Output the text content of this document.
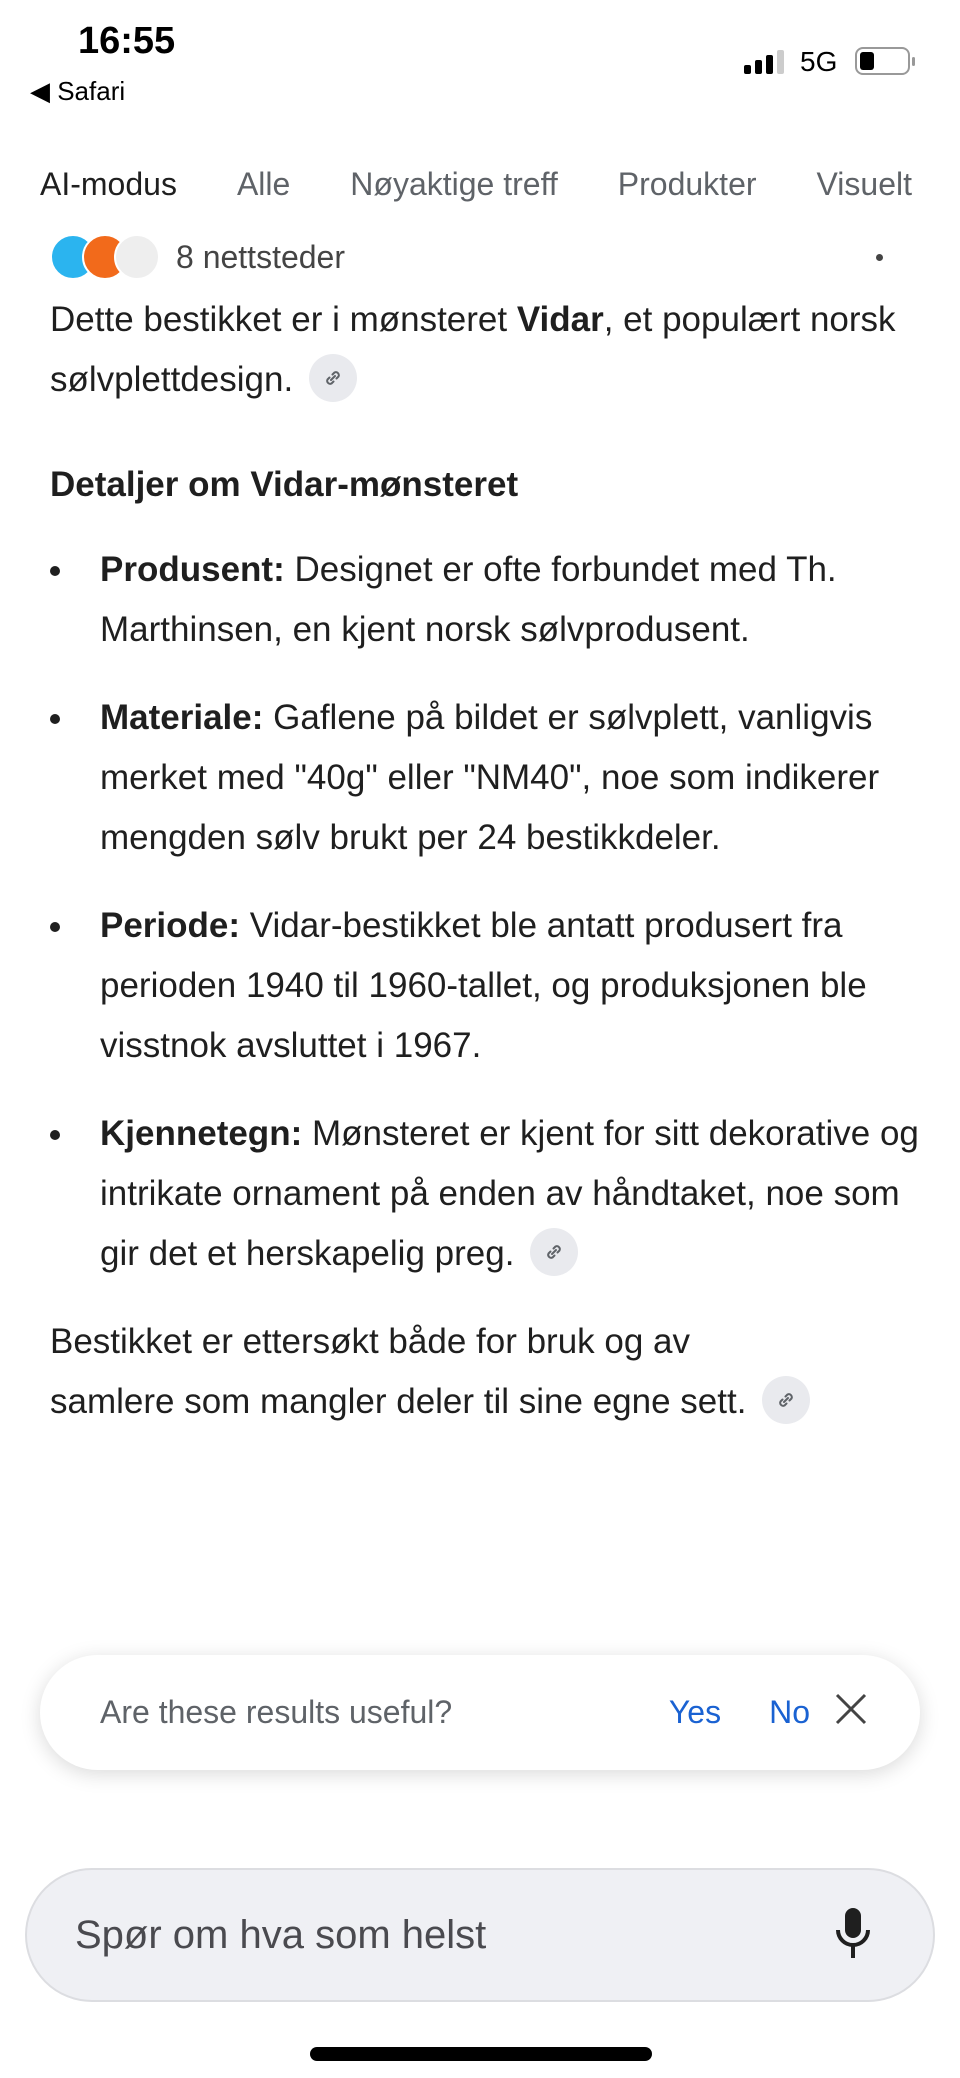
16:55
◀ Safari
5G
AI-modus Alle Nøyaktige treff Produkter Visuelt
8 nettsteder

Dette bestikket er i mønsteret Vidar, et populært norsk sølvplettdesign.

Detaljer om Vidar-mønsteret
Produsent: Designet er ofte forbundet med Th. Marthinsen, en kjent norsk sølvprodusent.
Materiale: Gaflene på bildet er sølvplett, vanligvis merket med "40g" eller "NM40", noe som indikerer mengden sølv brukt per 24 bestikkdeler.
Periode: Vidar-bestikket ble antatt produsert fra perioden 1940 til 1960-tallet, og produksjonen ble visstnok avsluttet i 1967.
Kjennetegn: Mønsteret er kjent for sitt dekorative og intrikate ornament på enden av håndtaket, noe som gir det et herskapelig preg.

Bestikket er ettersøkt både for bruk og av samlere som mangler deler til sine egne sett.

Are these results useful?	Yes No
Spør om hva som helst
